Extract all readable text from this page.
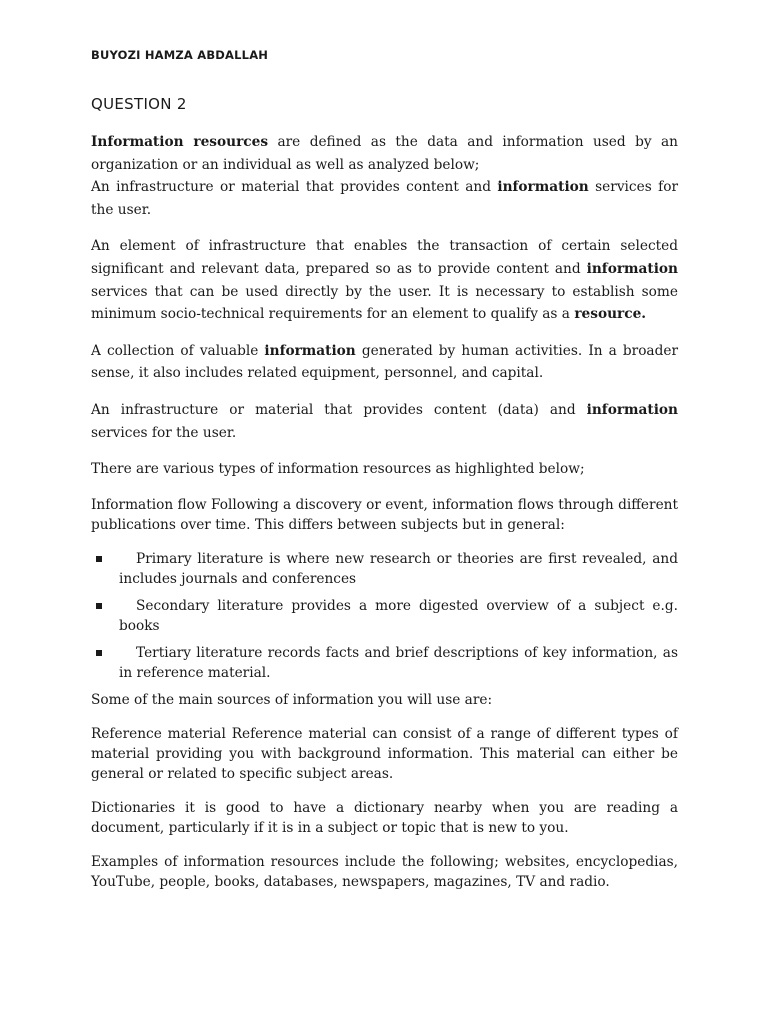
BUYOZI HAMZA ABDALLAH
QUESTION 2

Information resources are defined as the data and information used by an organization or an individual as well as analyzed below;
An infrastructure or material that provides content and information services for the user.

An element of infrastructure that enables the transaction of certain selected significant and relevant data, prepared so as to provide content and information services that can be used directly by the user. It is necessary to establish some minimum socio-technical requirements for an element to qualify as a resource.

A collection of valuable information generated by human activities. In a broader sense, it also includes related equipment, personnel, and capital.

An infrastructure or material that provides content (data) and information services for the user.

There are various types of information resources as highlighted below;

Information flow Following a discovery or event, information flows through different publications over time. This differs between subjects but in general:

Primary literature is where new research or theories are first revealed, and includes journals and conferences
Secondary literature provides a more digested overview of a subject e.g. books
Tertiary literature records facts and brief descriptions of key information, as in reference material.

Some of the main sources of information you will use are:

Reference material Reference material can consist of a range of different types of material providing you with background information. This material can either be general or related to specific subject areas.

Dictionaries it is good to have a dictionary nearby when you are reading a document, particularly if it is in a subject or topic that is new to you.

Examples of information resources include the following; websites, encyclopedias, YouTube, people, books, databases, newspapers, magazines, TV and radio.
